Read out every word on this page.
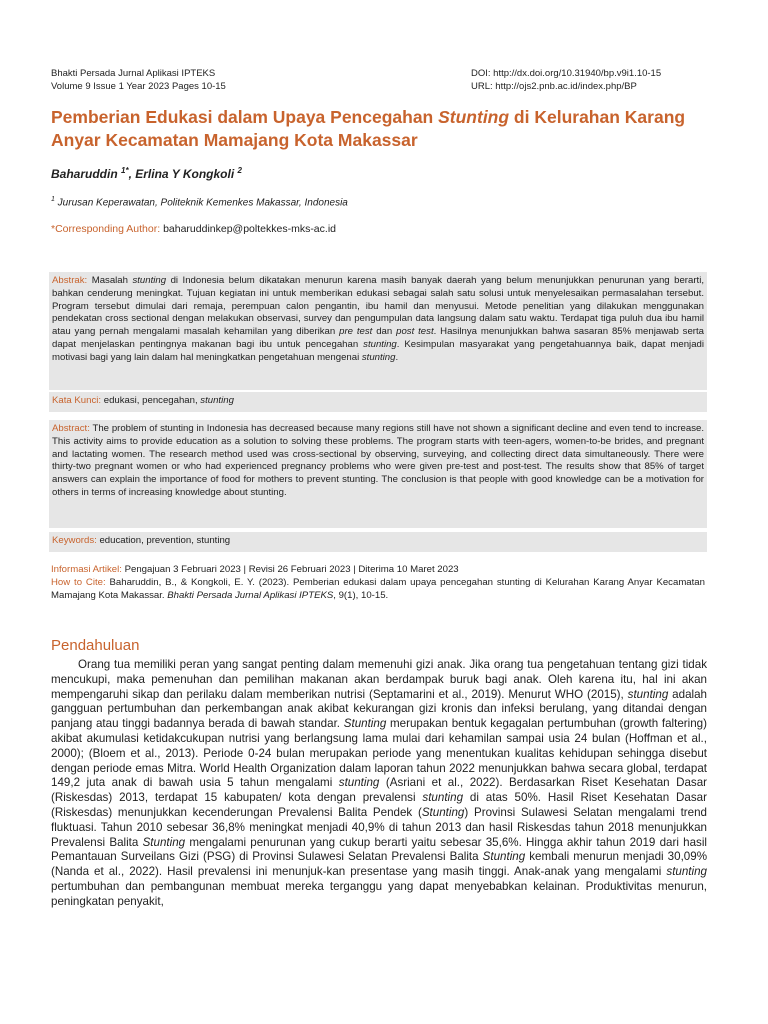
Bhakti Persada Jurnal Aplikasi IPTEKS
Volume 9 Issue 1 Year 2023 Pages 10-15
DOI: http://dx.doi.org/10.31940/bp.v9i1.10-15
URL: http://ojs2.pnb.ac.id/index.php/BP
Pemberian Edukasi dalam Upaya Pencegahan Stunting di Kelurahan Karang Anyar Kecamatan Mamajang Kota Makassar
Baharuddin $^{1*}$, Erlina Y Kongkoli $^2$
$^1$ Jurusan Keperawatan, Politeknik Kemenkes Makassar, Indonesia
*Corresponding Author: baharuddinkep@poltekkes-mks-ac.id
Abstrak: Masalah stunting di Indonesia belum dikatakan menurun karena masih banyak daerah yang belum menunjukkan penurunan yang berarti, bahkan cenderung meningkat. Tujuan kegiatan ini untuk memberikan edukasi sebagai salah satu solusi untuk menyelesaikan permasalahan tersebut. Program tersebut dimulai dari remaja, perempuan calon pengantin, ibu hamil dan menyusui. Metode penelitian yang dilakukan menggunakan pendekatan cross sectional dengan melakukan observasi, survey dan pengumpulan data langsung dalam satu waktu. Terdapat tiga puluh dua ibu hamil atau yang pernah mengalami masalah kehamilan yang diberikan pre test dan post test. Hasilnya menunjukkan bahwa sasaran 85% menjawab serta dapat menjelaskan pentingnya makanan bagi ibu untuk pencegahan stunting. Kesimpulan masyarakat yang pengetahuannya baik, dapat menjadi motivasi bagi yang lain dalam hal meningkatkan pengetahuan mengenai stunting.
Kata Kunci: edukasi, pencegahan, stunting
Abstract: The problem of stunting in Indonesia has decreased because many regions still have not shown a significant decline and even tend to increase. This activity aims to provide education as a solution to solving these problems. The program starts with teen-agers, women-to-be brides, and pregnant and lactating women. The research method used was cross-sectional by observing, surveying, and collecting direct data simultaneously. There were thirty-two pregnant women or who had experienced pregnancy problems who were given pre-test and post-test. The results show that 85% of target answers can explain the importance of food for mothers to prevent stunting. The conclusion is that people with good knowledge can be a motivation for others in terms of increasing knowledge about stunting.
Keywords: education, prevention, stunting
Informasi Artikel: Pengajuan 3 Februari 2023 | Revisi 26 Februari 2023 | Diterima 10 Maret 2023
How to Cite: Baharuddin, B., & Kongkoli, E. Y. (2023). Pemberian edukasi dalam upaya pencegahan stunting di Kelurahan Karang Anyar Kecamatan Mamajang Kota Makassar. Bhakti Persada Jurnal Aplikasi IPTEKS, 9(1), 10-15.
Pendahuluan

Orang tua memiliki peran yang sangat penting dalam memenuhi gizi anak. Jika orang tua pengetahuan tentang gizi tidak mencukupi, maka pemenuhan dan pemilihan makanan akan berdampak buruk bagi anak. Oleh karena itu, hal ini akan mempengaruhi sikap dan perilaku dalam memberikan nutrisi (Septamarini et al., 2019). Menurut WHO (2015), stunting adalah gangguan pertumbuhan dan perkembangan anak akibat kekurangan gizi kronis dan infeksi berulang, yang ditandai dengan panjang atau tinggi badannya berada di bawah standar. Stunting merupakan bentuk kegagalan pertumbuhan (growth faltering) akibat akumulasi ketidakcukupan nutrisi yang berlangsung lama mulai dari kehamilan sampai usia 24 bulan (Hoffman et al., 2000); (Bloem et al., 2013). Periode 0-24 bulan merupakan periode yang menentukan kualitas kehidupan sehingga disebut dengan periode emas Mitra. World Health Organization dalam laporan tahun 2022 menunjukkan bahwa secara global, terdapat 149,2 juta anak di bawah usia 5 tahun mengalami stunting (Asriani et al., 2022). Berdasarkan Riset Kesehatan Dasar (Riskesdas) 2013, terdapat 15 kabupaten/ kota dengan prevalensi stunting di atas 50%. Hasil Riset Kesehatan Dasar (Riskesdas) menunjukkan kecenderungan Prevalensi Balita Pendek (Stunting) Provinsi Sulawesi Selatan mengalami trend fluktuasi. Tahun 2010 sebesar 36,8% meningkat menjadi 40,9% di tahun 2013 dan hasil Riskesdas tahun 2018 menunjukkan Prevalensi Balita Stunting mengalami penurunan yang cukup berarti yaitu sebesar 35,6%. Hingga akhir tahun 2019 dari hasil Pemantauan Surveilans Gizi (PSG) di Provinsi Sulawesi Selatan Prevalensi Balita Stunting kembali menurun menjadi 30,09% (Nanda et al., 2022). Hasil prevalensi ini menunjuk-kan presentase yang masih tinggi. Anak-anak yang mengalami stunting pertumbuhan dan pembangunan membuat mereka terganggu yang dapat menyebabkan kelainan. Produktivitas menurun, peningkatan penyakit,
